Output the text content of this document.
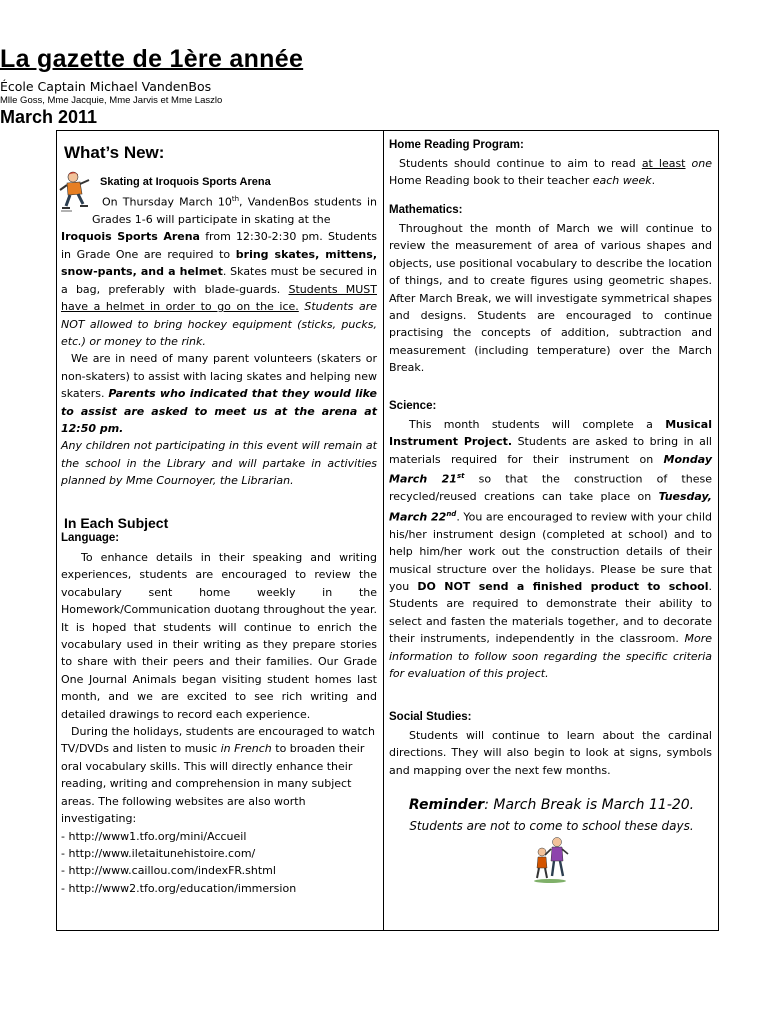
La gazette de 1ère année
École Captain Michael VandenBos
Mlle Goss, Mme Jacquie, Mme Jarvis et Mme Laszlo
March 2011
What’s New:
Skating at Iroquois Sports Arena
On Thursday March 10th, VandenBos students in Grades 1-6 will participate in skating at the
Iroquois Sports Arena from 12:30-2:30 pm. Students in Grade One are required to bring skates, mittens, snow-pants, and a helmet. Skates must be secured in a bag, preferably with blade-guards. Students MUST have a helmet in order to go on the ice. Students are NOT allowed to bring hockey equipment (sticks, pucks, etc.) or money to the rink.
We are in need of many parent volunteers (skaters or non-skaters) to assist with lacing skates and helping new skaters. Parents who indicated that they would like to assist are asked to meet us at the arena at 12:50 pm.
Any children not participating in this event will remain at the school in the Library and will partake in activities planned by Mme Cournoyer, the Librarian.
In Each Subject
Language:
To enhance details in their speaking and writing experiences, students are encouraged to review the vocabulary sent home weekly in the Homework/Communication duotang throughout the year. It is hoped that students will continue to enrich the vocabulary used in their writing as they prepare stories to share with their peers and their families. Our Grade One Journal Animals began visiting student homes last month, and we are excited to see rich writing and detailed drawings to record each experience.
During the holidays, students are encouraged to watch TV/DVDs and listen to music in French to broaden their oral vocabulary skills. This will directly enhance their reading, writing and comprehension in many subject areas. The following websites are also worth investigating:
- http://www1.tfo.org/mini/Accueil
- http://www.iletaitunehistoire.com/
- http://www.caillou.com/indexFR.shtml
- http://www2.tfo.org/education/immersion
Home Reading Program:
Students should continue to aim to read at least one Home Reading book to their teacher each week.
Mathematics:
Throughout the month of March we will continue to review the measurement of area of various shapes and objects, use positional vocabulary to describe the location of things, and to create figures using geometric shapes. After March Break, we will investigate symmetrical shapes and designs. Students are encouraged to continue practising the concepts of addition, subtraction and measurement (including temperature) over the March Break.
Science:
This month students will complete a Musical Instrument Project. Students are asked to bring in all materials required for their instrument on Monday March 21st so that the construction of these recycled/reused creations can take place on Tuesday, March 22nd. You are encouraged to review with your child his/her instrument design (completed at school) and to help him/her work out the construction details of their musical structure over the holidays. Please be sure that you DO NOT send a finished product to school. Students are required to demonstrate their ability to select and fasten the materials together, and to decorate their instruments, independently in the classroom. More information to follow soon regarding the specific criteria for evaluation of this project.
Social Studies:
Students will continue to learn about the cardinal directions. They will also begin to look at signs, symbols and mapping over the next few months.
Reminder: March Break is March 11-20.
Students are not to come to school these days.
